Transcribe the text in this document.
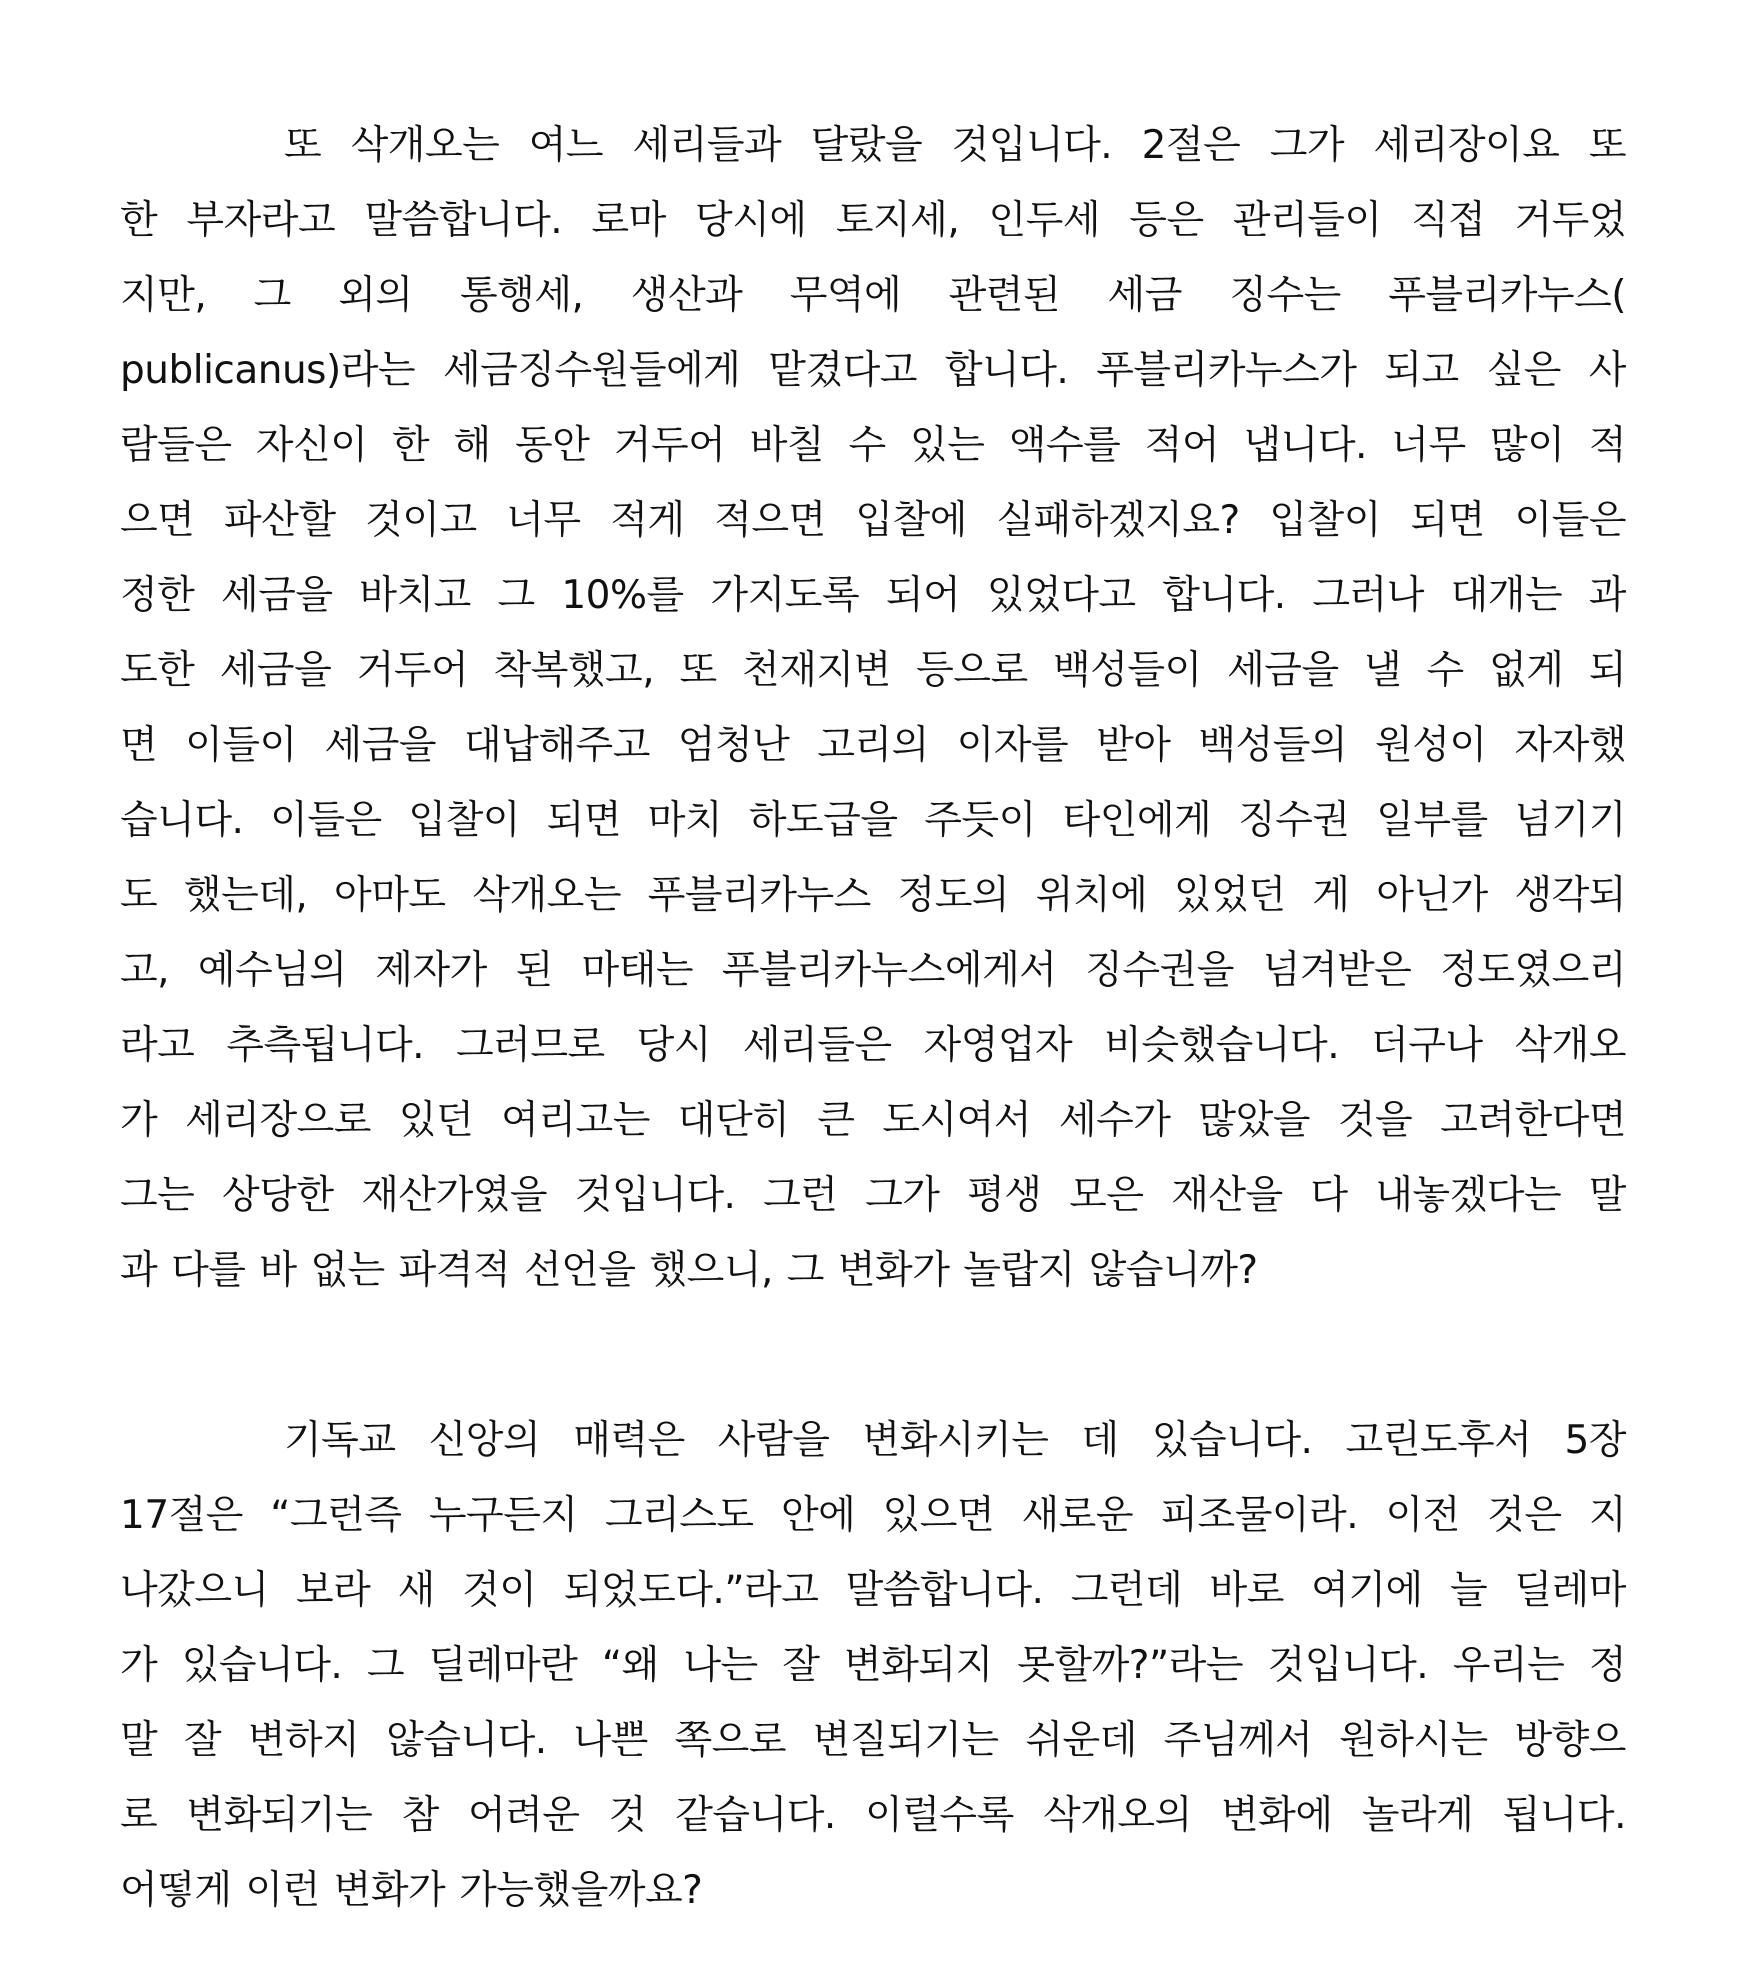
또 삭개오는 여느 세리들과 달랐을 것입니다. 2절은 그가 세리장이요 또
한 부자라고 말씀합니다. 로마 당시에 토지세, 인두세 등은 관리들이 직접 거두었
지만, 그 외의 통행세, 생산과 무역에 관련된 세금 징수는 푸블리카누스(
publicanus)라는 세금징수원들에게 맡겼다고 합니다. 푸블리카누스가 되고 싶은 사
람들은 자신이 한 해 동안 거두어 바칠 수 있는 액수를 적어 냅니다. 너무 많이 적
으면 파산할 것이고 너무 적게 적으면 입찰에 실패하겠지요? 입찰이 되면 이들은
정한 세금을 바치고 그 10%를 가지도록 되어 있었다고 합니다. 그러나 대개는 과
도한 세금을 거두어 착복했고, 또 천재지변 등으로 백성들이 세금을 낼 수 없게 되
면 이들이 세금을 대납해주고 엄청난 고리의 이자를 받아 백성들의 원성이 자자했
습니다. 이들은 입찰이 되면 마치 하도급을 주듯이 타인에게 징수권 일부를 넘기기
도 했는데, 아마도 삭개오는 푸블리카누스 정도의 위치에 있었던 게 아닌가 생각되
고, 예수님의 제자가 된 마태는 푸블리카누스에게서 징수권을 넘겨받은 정도였으리
라고 추측됩니다. 그러므로 당시 세리들은 자영업자 비슷했습니다. 더구나 삭개오
가 세리장으로 있던 여리고는 대단히 큰 도시여서 세수가 많았을 것을 고려한다면
그는 상당한 재산가였을 것입니다. 그런 그가 평생 모은 재산을 다 내놓겠다는 말
과 다를 바 없는 파격적 선언을 했으니, 그 변화가 놀랍지 않습니까?
기독교 신앙의 매력은 사람을 변화시키는 데 있습니다. 고린도후서 5장
17절은 “그런즉 누구든지 그리스도 안에 있으면 새로운 피조물이라. 이전 것은 지
나갔으니 보라 새 것이 되었도다.”라고 말씀합니다. 그런데 바로 여기에 늘 딜레마
가 있습니다. 그 딜레마란 “왜 나는 잘 변화되지 못할까?”라는 것입니다. 우리는 정
말 잘 변하지 않습니다. 나쁜 쪽으로 변질되기는 쉬운데 주님께서 원하시는 방향으
로 변화되기는 참 어려운 것 같습니다. 이럴수록 삭개오의 변화에 놀라게 됩니다.
어떻게 이런 변화가 가능했을까요?
